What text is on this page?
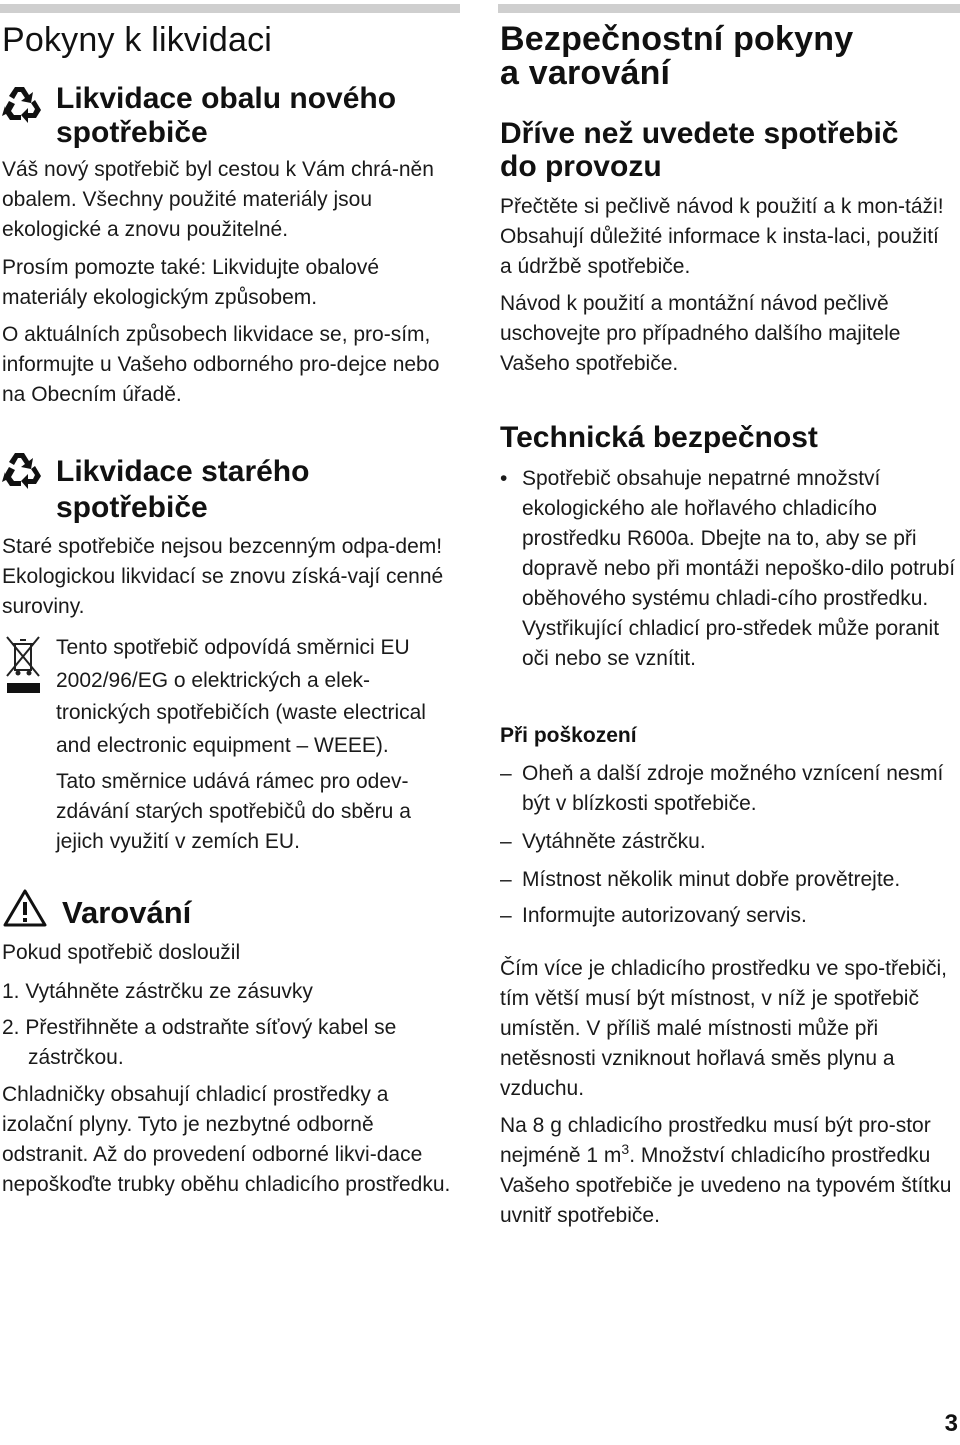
Pokyny k likvidaci
Likvidace obalu nového
spotřebiče

Váš nový spotřebič byl cestou k Vám chrá-něn obalem. Všechny použité materiály jsou ekologické a znovu použitelné.

Prosím pomozte také: Likvidujte obalové materiály ekologickým způsobem.

O aktuálních způsobech likvidace se, pro-sím, informujte u Vašeho odborného pro-dejce nebo na Obecním úřadě.

Likvidace starého
spotřebiče

Staré spotřebiče nejsou bezcenným odpa-dem! Ekologickou likvidací se znovu získá-vají cenné suroviny.

Tento spotřebič odpovídá směrnici EU 2002/96/EG o elektrických a elek-tronických spotřebičích (waste electrical and electronic equipment – WEEE).

Tato směrnice udává rámec pro odev-zdávání starých spotřebičů do sběru a jejich využití v zemích EU.

Varování

Pokud spotřebič dosloužil

1. Vytáhněte zástrčku ze zásuvky

2. Přestřihněte a odstraňte síťový kabel se zástrčkou.

Chladničky obsahují chladicí prostředky a izolační plyny. Tyto je nezbytné odborně odstranit. Až do provedení odborné likvi-dace nepoškoďte trubky oběhu chladicího prostředku.

Bezpečnostní pokyny
a varování
Dříve než uvedete spotřebič
do provozu

Přečtěte si pečlivě návod k použití a k mon-táži! Obsahují důležité informace k insta-laci, použití a údržbě spotřebiče.

Návod k použití a montážní návod pečlivě uschovejte pro případného dalšího majitele Vašeho spotřebiče.

Technická bezpečnost
• Spotřebič obsahuje nepatrné množství ekologického ale hořlavého chladicího prostředku R600a. Dbejte na to, aby se při dopravě nebo při montáži nepoško-dilo potrubí oběhového systému chladi-cího prostředku. Vystřikující chladicí pro-středek může poranit oči nebo se vznítit.
Při poškození
– Oheň a další zdroje možného vznícení nesmí být v blízkosti spotřebiče.
– Vytáhněte zástrčku.
– Místnost několik minut dobře provětrejte.
– Informujte autorizovaný servis.

Čím více je chladicího prostředku ve spo-třebiči, tím větší musí být místnost, v níž je spotřebič umístěn. V příliš malé místnosti může při netěsnosti vzniknout hořlavá směs plynu a vzduchu.

Na 8 g chladicího prostředku musí být pro-stor nejméně 1 $m^3$. Množství chladicího prostředku Vašeho spotřebiče je uvedeno na typovém štítku uvnitř spotřebiče.

3
